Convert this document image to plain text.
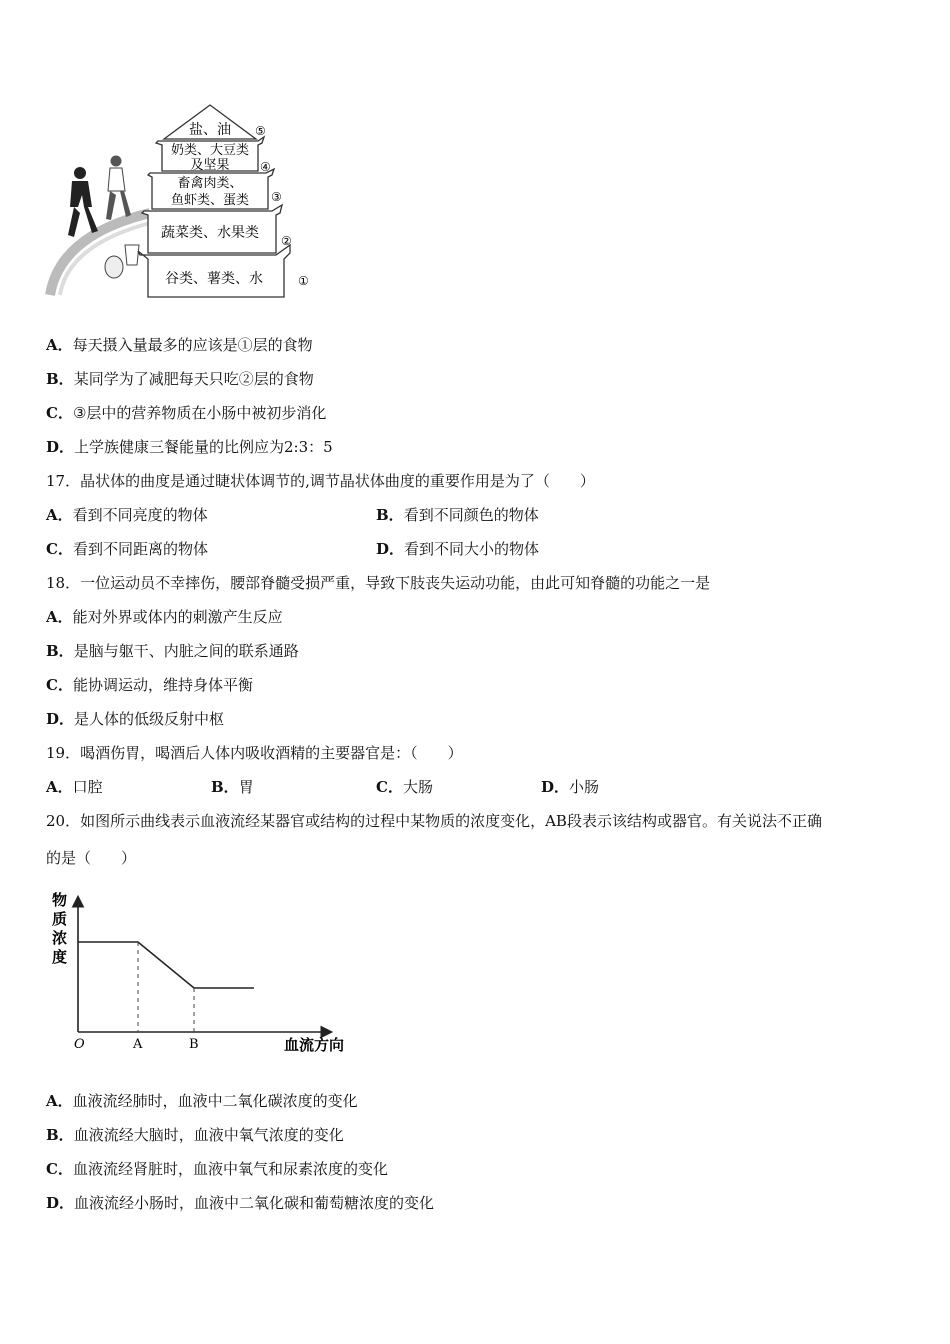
谷类、薯类、水	①
蔬菜类、水果类 ②
畜禽肉类、
鱼虾类、蛋类 ③
奶类、大豆类
及坚果	④
盐、油 ⑤
A．每天摄入量最多的应该是①层的食物
B．某同学为了减肥每天只吃②层的食物
C．③层中的营养物质在小肠中被初步消化
D．上学族健康三餐能量的比例应为2:3：5
17．晶状体的曲度是通过睫状体调节的,调节晶状体曲度的重要作用是为了（　　）
A．看到不同亮度的物体	B．看到不同颜色的物体
C．看到不同距离的物体	D．看到不同大小的物体
18．一位运动员不幸摔伤，腰部脊髓受损严重，导致下肢丧失运动功能，由此可知脊髓的功能之一是
A．能对外界或体内的刺激产生反应
B．是脑与躯干、内脏之间的联系通路
C．能协调运动，维持身体平衡
D．是人体的低级反射中枢
19．喝酒伤胃，喝酒后人体内吸收酒精的主要器官是：（　　）
A．口腔	B．胃	C．大肠	D．小肠
20．如图所示曲线表示血液流经某器官或结构的过程中某物质的浓度变化，AB段表示该结构或器官。有关说法不正确
的是（　　）
物
质
浓
度
O	A	B	血流方向
A．血液流经肺时，血液中二氧化碳浓度的变化
B．血液流经大脑时，血液中氧气浓度的变化
C．血液流经肾脏时，血液中氧气和尿素浓度的变化
D．血液流经小肠时，血液中二氧化碳和葡萄糖浓度的变化
